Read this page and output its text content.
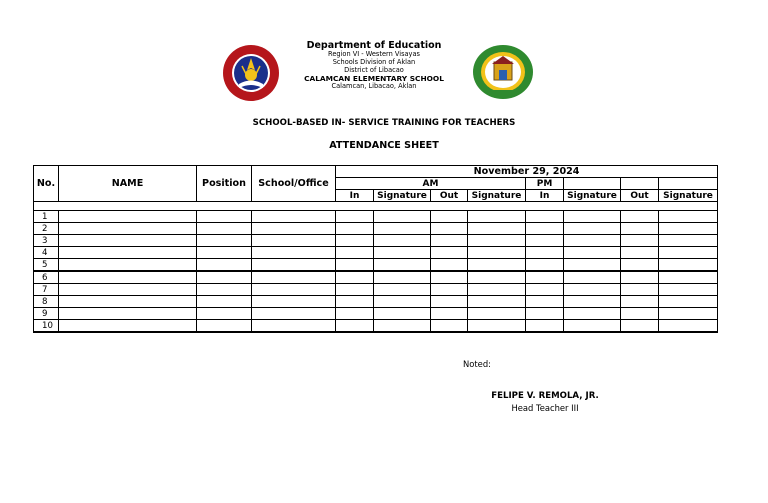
Department of Education
Region VI - Western Visayas
Schools Division of Aklan
District of Libacao
CALAMCAN ELEMENTARY SCHOOL
Calamcan, Libacao, Aklan
SCHOOL-BASED IN- SERVICE TRAINING FOR TEACHERS
ATTENDANCE SHEET
No.	NAME	Position	School/Office	November 29, 2024							
				AM				PM			
				In	Signature	Out	Signature	In	Signature	Out	Signature

1											
2											
3											
4											
5											
6											
7											
8											
9											
10											
Noted:
FELIPE V. REMOLA, JR.
Head Teacher III
